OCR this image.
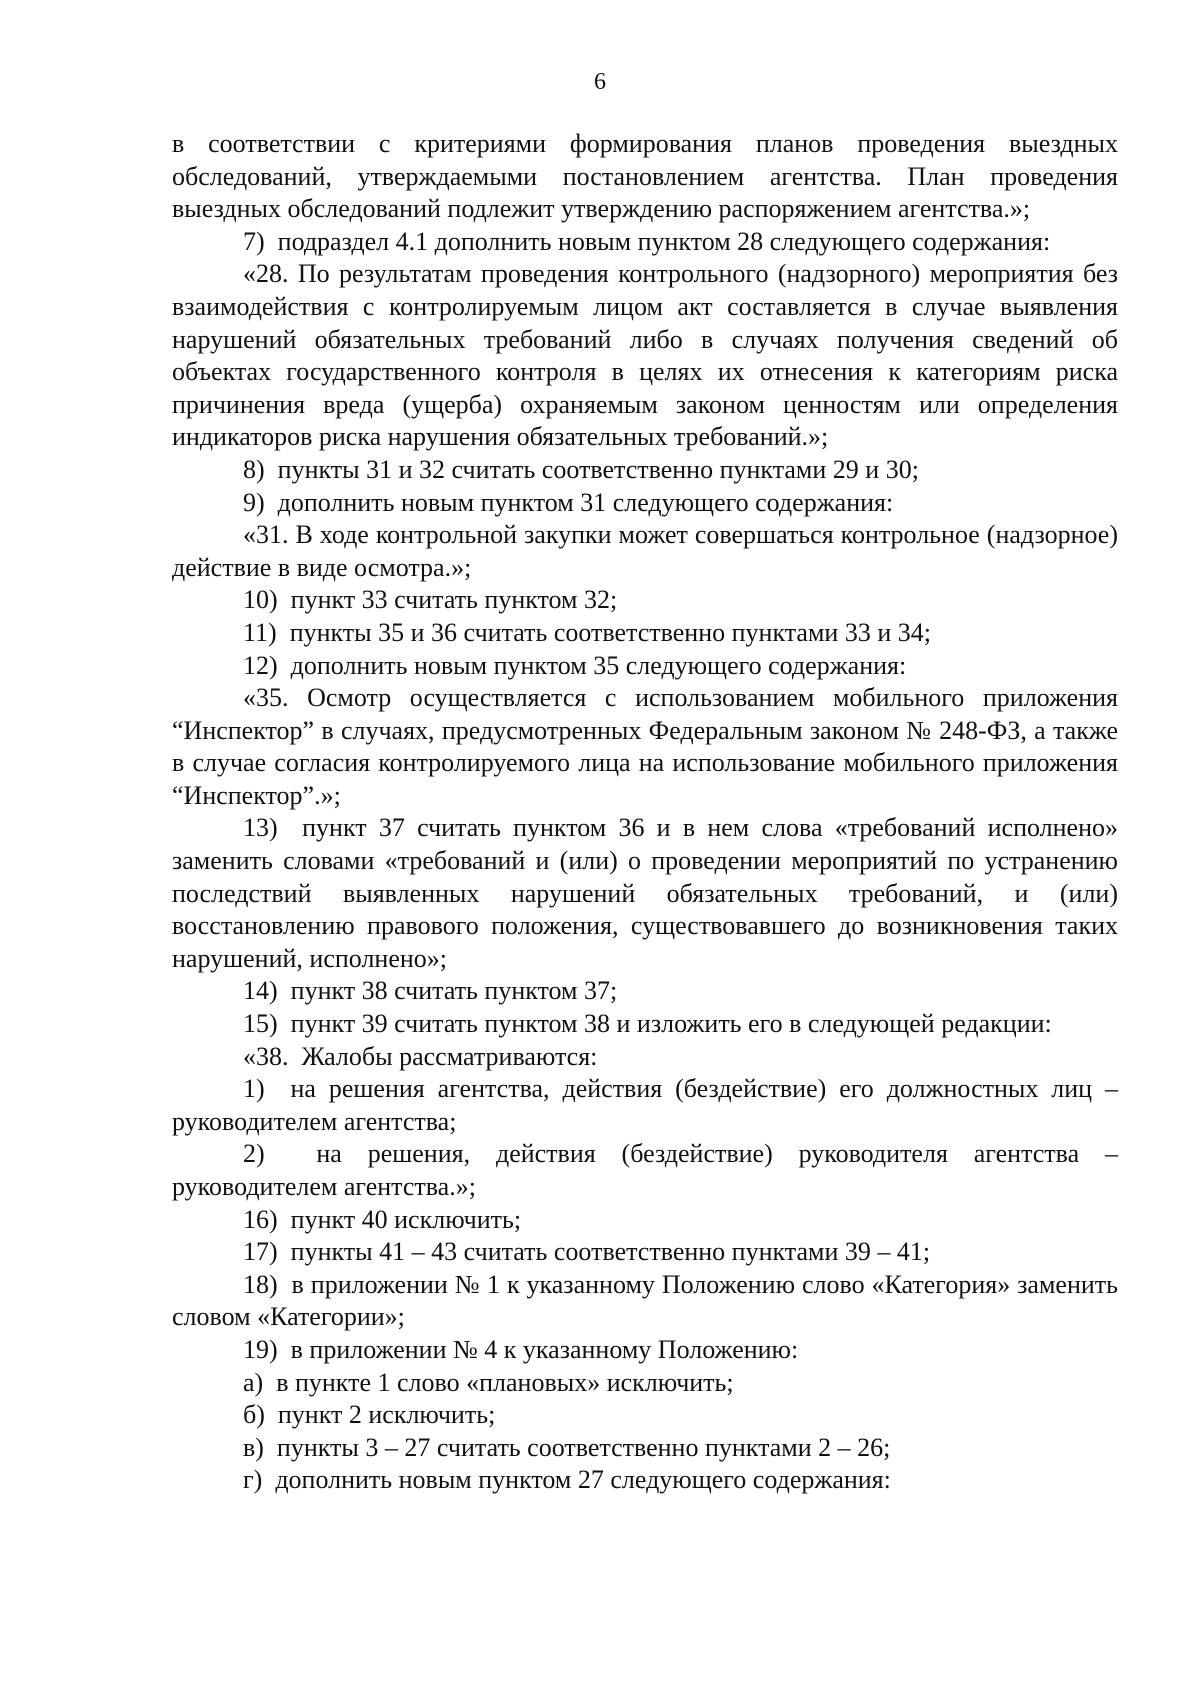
6

в соответствии с критериями формирования планов проведения выездных обследований, утверждаемыми постановлением агентства. План проведения выездных обследований подлежит утверждению распоряжением агентства.»;

7)  подраздел 4.1 дополнить новым пунктом 28 следующего содержания:

«28. По результатам проведения контрольного (надзорного) мероприятия без взаимодействия с контролируемым лицом акт составляется в случае выявления нарушений обязательных требований либо в случаях получения сведений об объектах государственного контроля в целях их отнесения к категориям риска причинения вреда (ущерба) охраняемым законом ценностям или определения индикаторов риска нарушения обязательных требований.»;

8)  пункты 31 и 32 считать соответственно пунктами 29 и 30;

9)  дополнить новым пунктом 31 следующего содержания:

«31. В ходе контрольной закупки может совершаться контрольное (надзорное) действие в виде осмотра.»;

10)  пункт 33 считать пунктом 32;

11)  пункты 35 и 36 считать соответственно пунктами 33 и 34;

12)  дополнить новым пунктом 35 следующего содержания:

«35. Осмотр осуществляется с использованием мобильного приложения “Инспектор” в случаях, предусмотренных Федеральным законом № 248-ФЗ, а также в случае согласия контролируемого лица на использование мобильного приложения “Инспектор”.»;

13)  пункт 37 считать пунктом 36 и в нем слова «требований исполнено» заменить словами «требований и (или) о проведении мероприятий по устранению последствий выявленных нарушений обязательных требований, и (или) восстановлению правового положения, существовавшего до возникновения таких нарушений, исполнено»;

14)  пункт 38 считать пунктом 37;

15)  пункт 39 считать пунктом 38 и изложить его в следующей редакции:

«38.  Жалобы рассматриваются:

1)  на решения агентства, действия (бездействие) его должностных лиц – руководителем агентства;

2)  на решения, действия (бездействие) руководителя агентства – руководителем агентства.»;

16)  пункт 40 исключить;

17)  пункты 41 – 43 считать соответственно пунктами 39 – 41;

18)  в приложении № 1 к указанному Положению слово «Категория» заменить словом «Категории»;

19)  в приложении № 4 к указанному Положению:

а)  в пункте 1 слово «плановых» исключить;

б)  пункт 2 исключить;

в)  пункты 3 – 27 считать соответственно пунктами 2 – 26;

г)  дополнить новым пунктом 27 следующего содержания:
